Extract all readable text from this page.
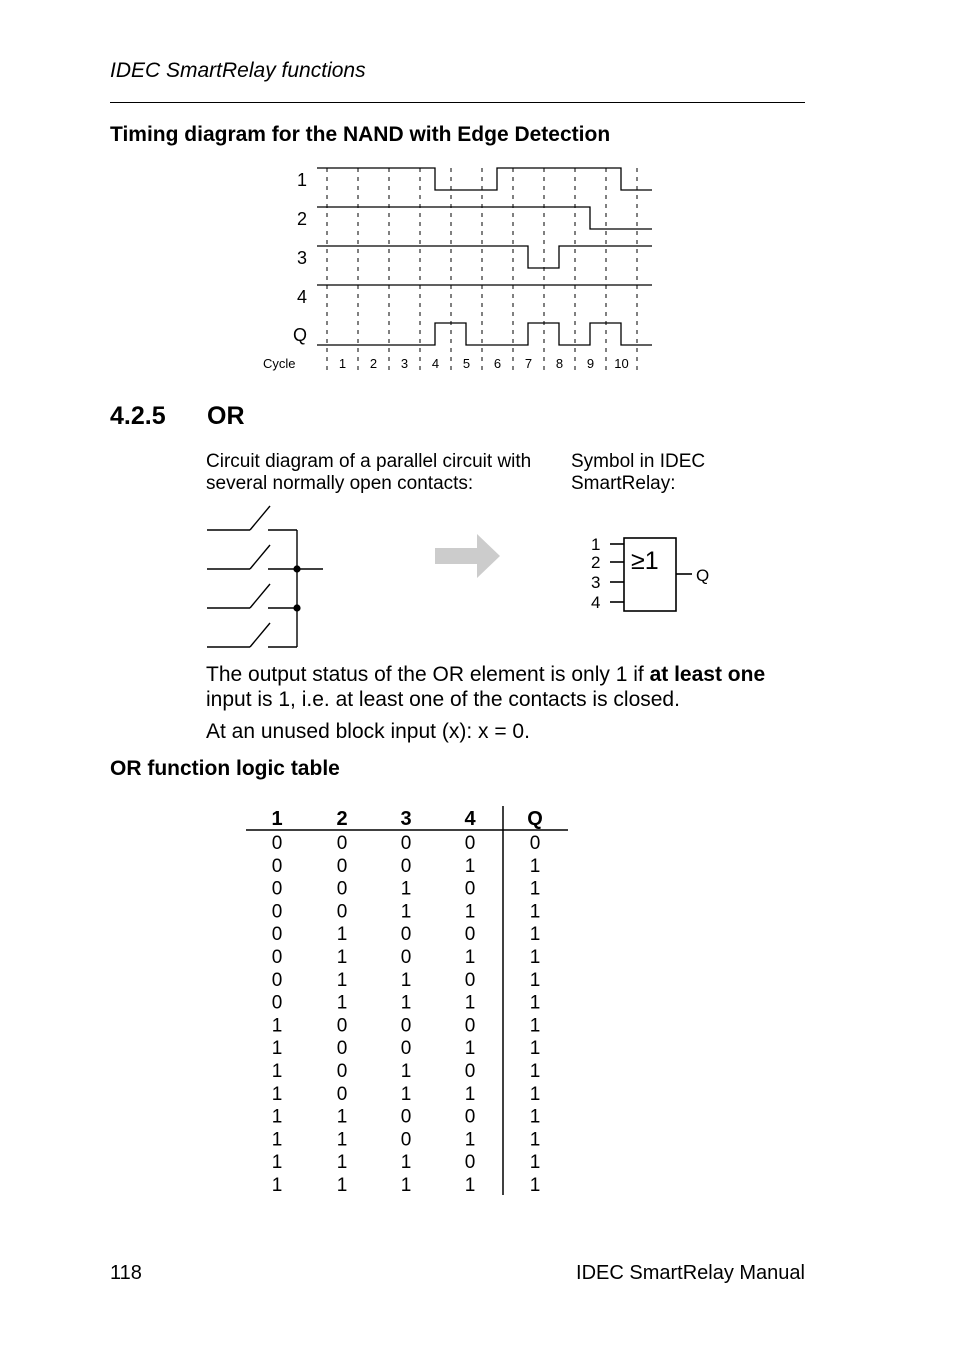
IDEC SmartRelay functions
Timing diagram for the NAND with Edge Detection
1
2
3
4
Q
Cycle	1 2 3 4 5 6 7 8 9 10
4.2.5 OR
Circuit diagram of a parallel circuit with several normally open contacts:
Symbol in IDEC SmartRelay:
1
2
3
4
≥1
Q

The output status of the OR element is only 1 if at least one input is 1, i.e. at least one of the contacts is closed.

At an unused block input (x): x = 0.

OR function logic table
1	2	3	4	Q
0	0	0	0	0
0	0	0	1	1
0	0	1	0	1
0	0	1	1	1
0	1	0	0	1
0	1	0	1	1
0	1	1	0	1
0	1	1	1	1
1	0	0	0	1
1	0	0	1	1
1	0	1	0	1
1	0	1	1	1
1	1	0	0	1
1	1	0	1	1
1	1	1	0	1
1	1	1	1	1
118	IDEC SmartRelay Manual
